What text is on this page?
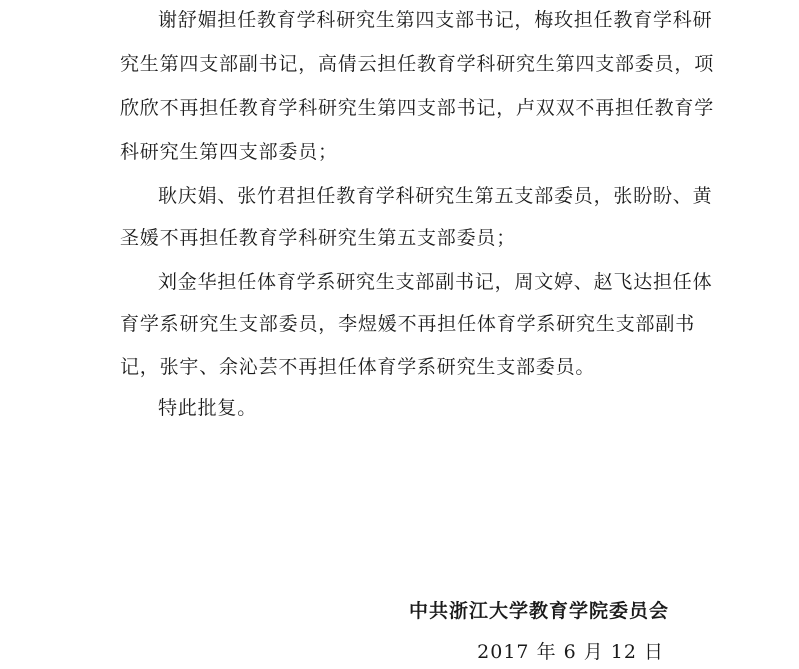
谢舒媚担任教育学科研究生第四支部书记，梅玫担任教育学科研
究生第四支部副书记，高倩云担任教育学科研究生第四支部委员，项
欣欣不再担任教育学科研究生第四支部书记，卢双双不再担任教育学
科研究生第四支部委员；
耿庆娟、张竹君担任教育学科研究生第五支部委员，张盼盼、黄
圣媛不再担任教育学科研究生第五支部委员；
刘金华担任体育学系研究生支部副书记，周文婷、赵飞达担任体
育学系研究生支部委员，李煜媛不再担任体育学系研究生支部副书
记，张宇、余沁芸不再担任体育学系研究生支部委员。
特此批复。
中共浙江大学教育学院委员会
2017 年 6 月 12 日
